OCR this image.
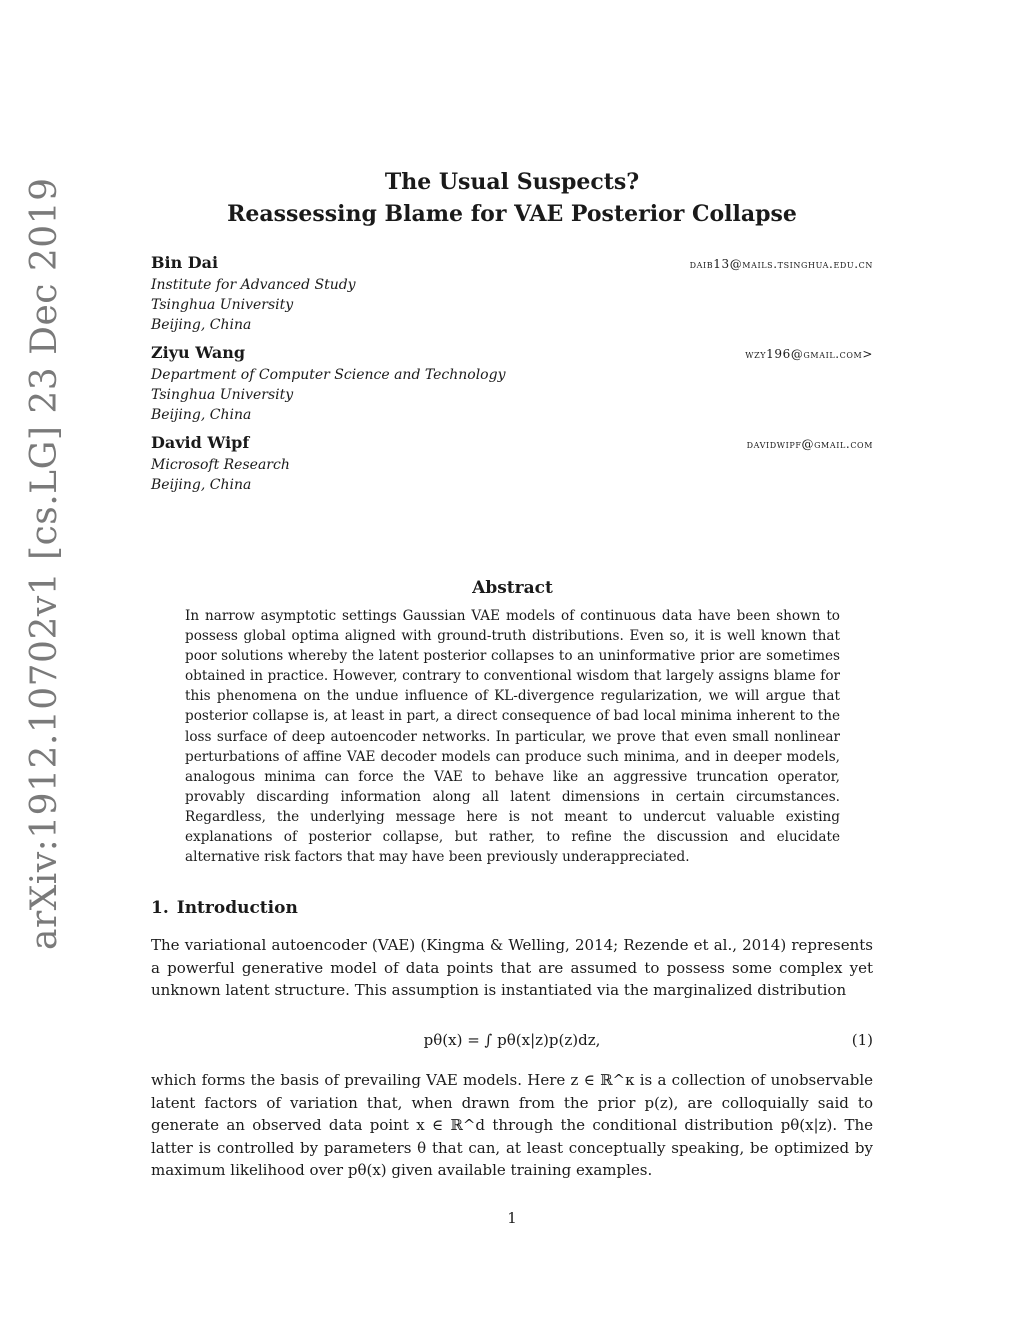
arXiv:1912.10702v1 [cs.LG] 23 Dec 2019	The Usual Suspects?
Reassessing Blame for VAE Posterior Collapse
Bin Dai	daib13@mails.tsinghua.edu.cn
Institute for Advanced Study
Tsinghua University
Beijing, China
Ziyu Wang	wzy196@gmail.com>
Department of Computer Science and Technology
Tsinghua University
Beijing, China
David Wipf	davidwipf@gmail.com
Microsoft Research
Beijing, China
Abstract
In narrow asymptotic settings Gaussian VAE models of continuous data have been shown to possess global optima aligned with ground-truth distributions. Even so, it is well known that poor solutions whereby the latent posterior collapses to an uninformative prior are sometimes obtained in practice. However, contrary to conventional wisdom that largely assigns blame for this phenomena on the undue influence of KL-divergence regularization, we will argue that posterior collapse is, at least in part, a direct consequence of bad local minima inherent to the loss surface of deep autoencoder networks. In particular, we prove that even small nonlinear perturbations of affine VAE decoder models can produce such minima, and in deeper models, analogous minima can force the VAE to behave like an aggressive truncation operator, provably discarding information along all latent dimensions in certain circumstances. Regardless, the underlying message here is not meant to undercut valuable existing explanations of posterior collapse, but rather, to refine the discussion and elucidate alternative risk factors that may have been previously underappreciated.
1. Introduction
The variational autoencoder (VAE) (Kingma & Welling, 2014; Rezende et al., 2014) represents a powerful generative model of data points that are assumed to possess some complex yet unknown latent structure. This assumption is instantiated via the marginalized distribution
pθ(x) = ∫ pθ(x|z)p(z)dz,	(1)
which forms the basis of prevailing VAE models. Here z ∈ ℝ^κ is a collection of unobservable latent factors of variation that, when drawn from the prior p(z), are colloquially said to generate an observed data point x ∈ ℝ^d through the conditional distribution pθ(x|z). The latter is controlled by parameters θ that can, at least conceptually speaking, be optimized by maximum likelihood over pθ(x) given available training examples.
1
